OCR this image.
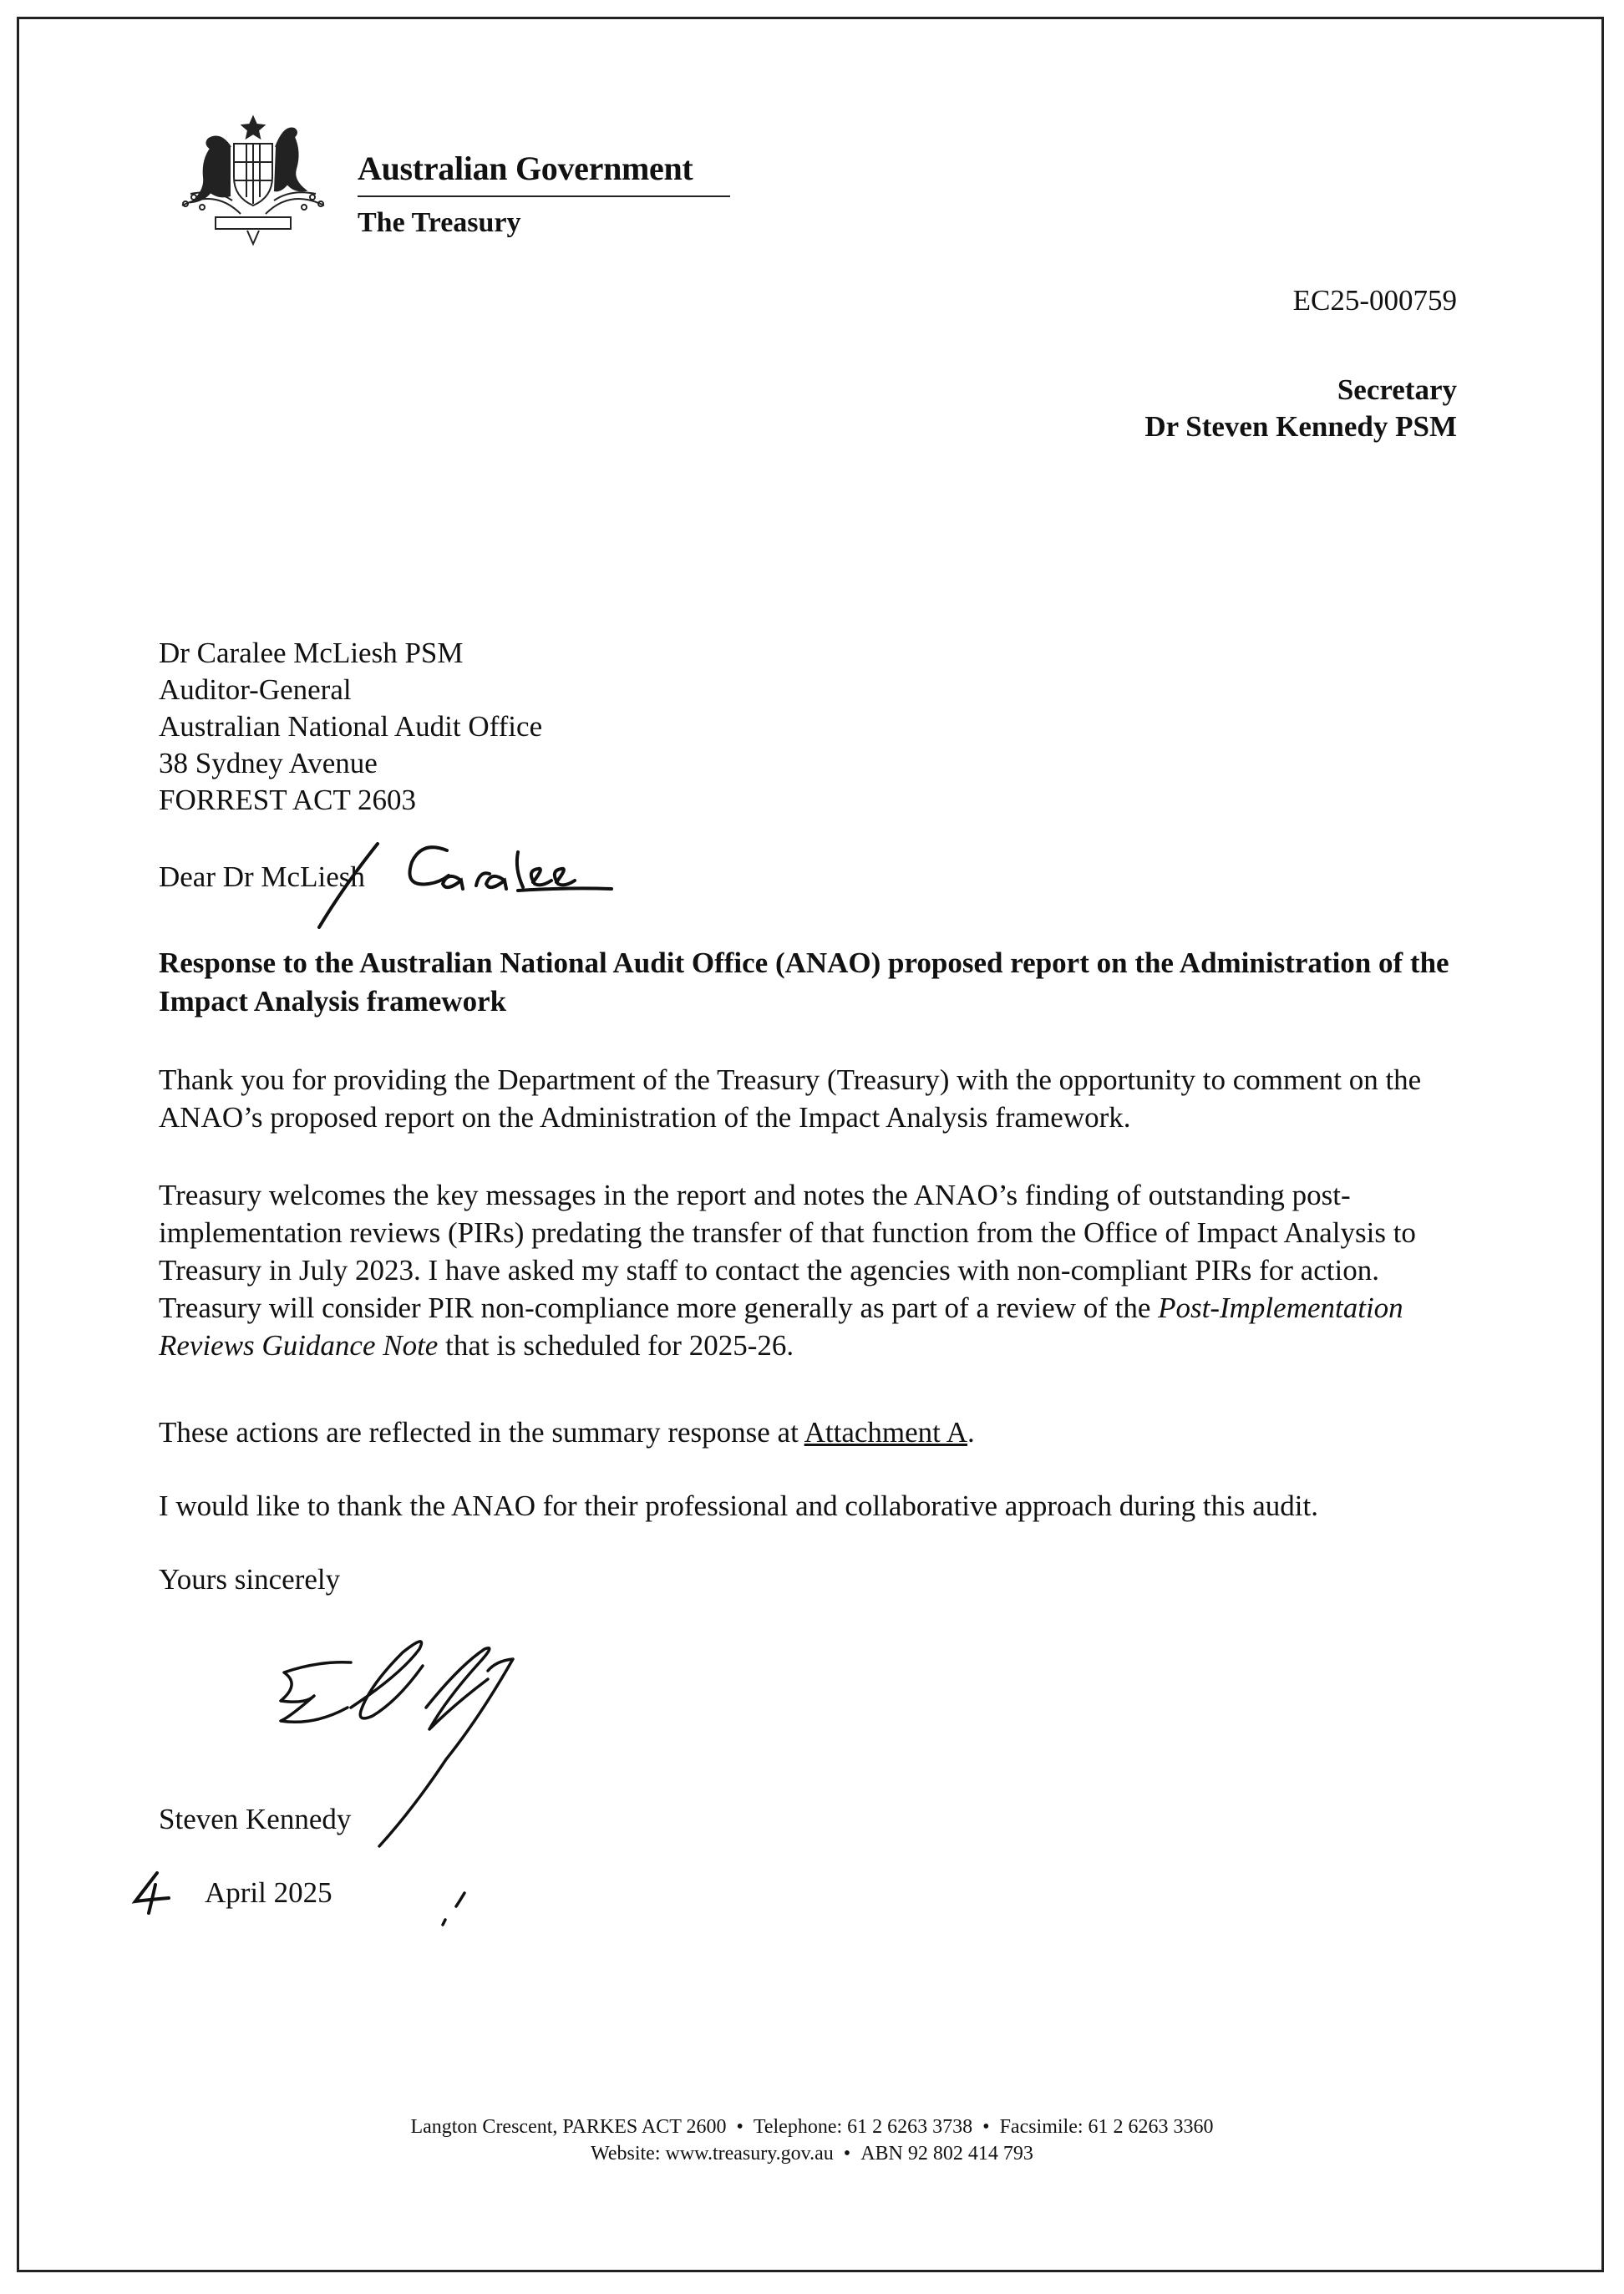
Australian Government
The Treasury
EC25-000759
Secretary
Dr Steven Kennedy PSM
Dr Caralee McLiesh PSM
Auditor-General
Australian National Audit Office
38 Sydney Avenue
FORREST ACT 2603
Dear Dr McLiesh
Response to the Australian National Audit Office (ANAO) proposed report on the Administration of the Impact Analysis framework

Thank you for providing the Department of the Treasury (Treasury) with the opportunity to comment on the ANAO’s proposed report on the Administration of the Impact Analysis framework.

Treasury welcomes the key messages in the report and notes the ANAO’s finding of outstanding post-implementation reviews (PIRs) predating the transfer of that function from the Office of Impact Analysis to Treasury in July 2023. I have asked my staff to contact the agencies with non-compliant PIRs for action. Treasury will consider PIR non-compliance more generally as part of a review of the Post-Implementation Reviews Guidance Note that is scheduled for 2025-26.

These actions are reflected in the summary response at Attachment A.

I would like to thank the ANAO for their professional and collaborative approach during this audit.

Yours sincerely

Steven Kennedy
April 2025
Langton Crescent, PARKES ACT 2600 • Telephone: 61 2 6263 3738 • Facsimile: 61 2 6263 3360
Website: www.treasury.gov.au • ABN 92 802 414 793
